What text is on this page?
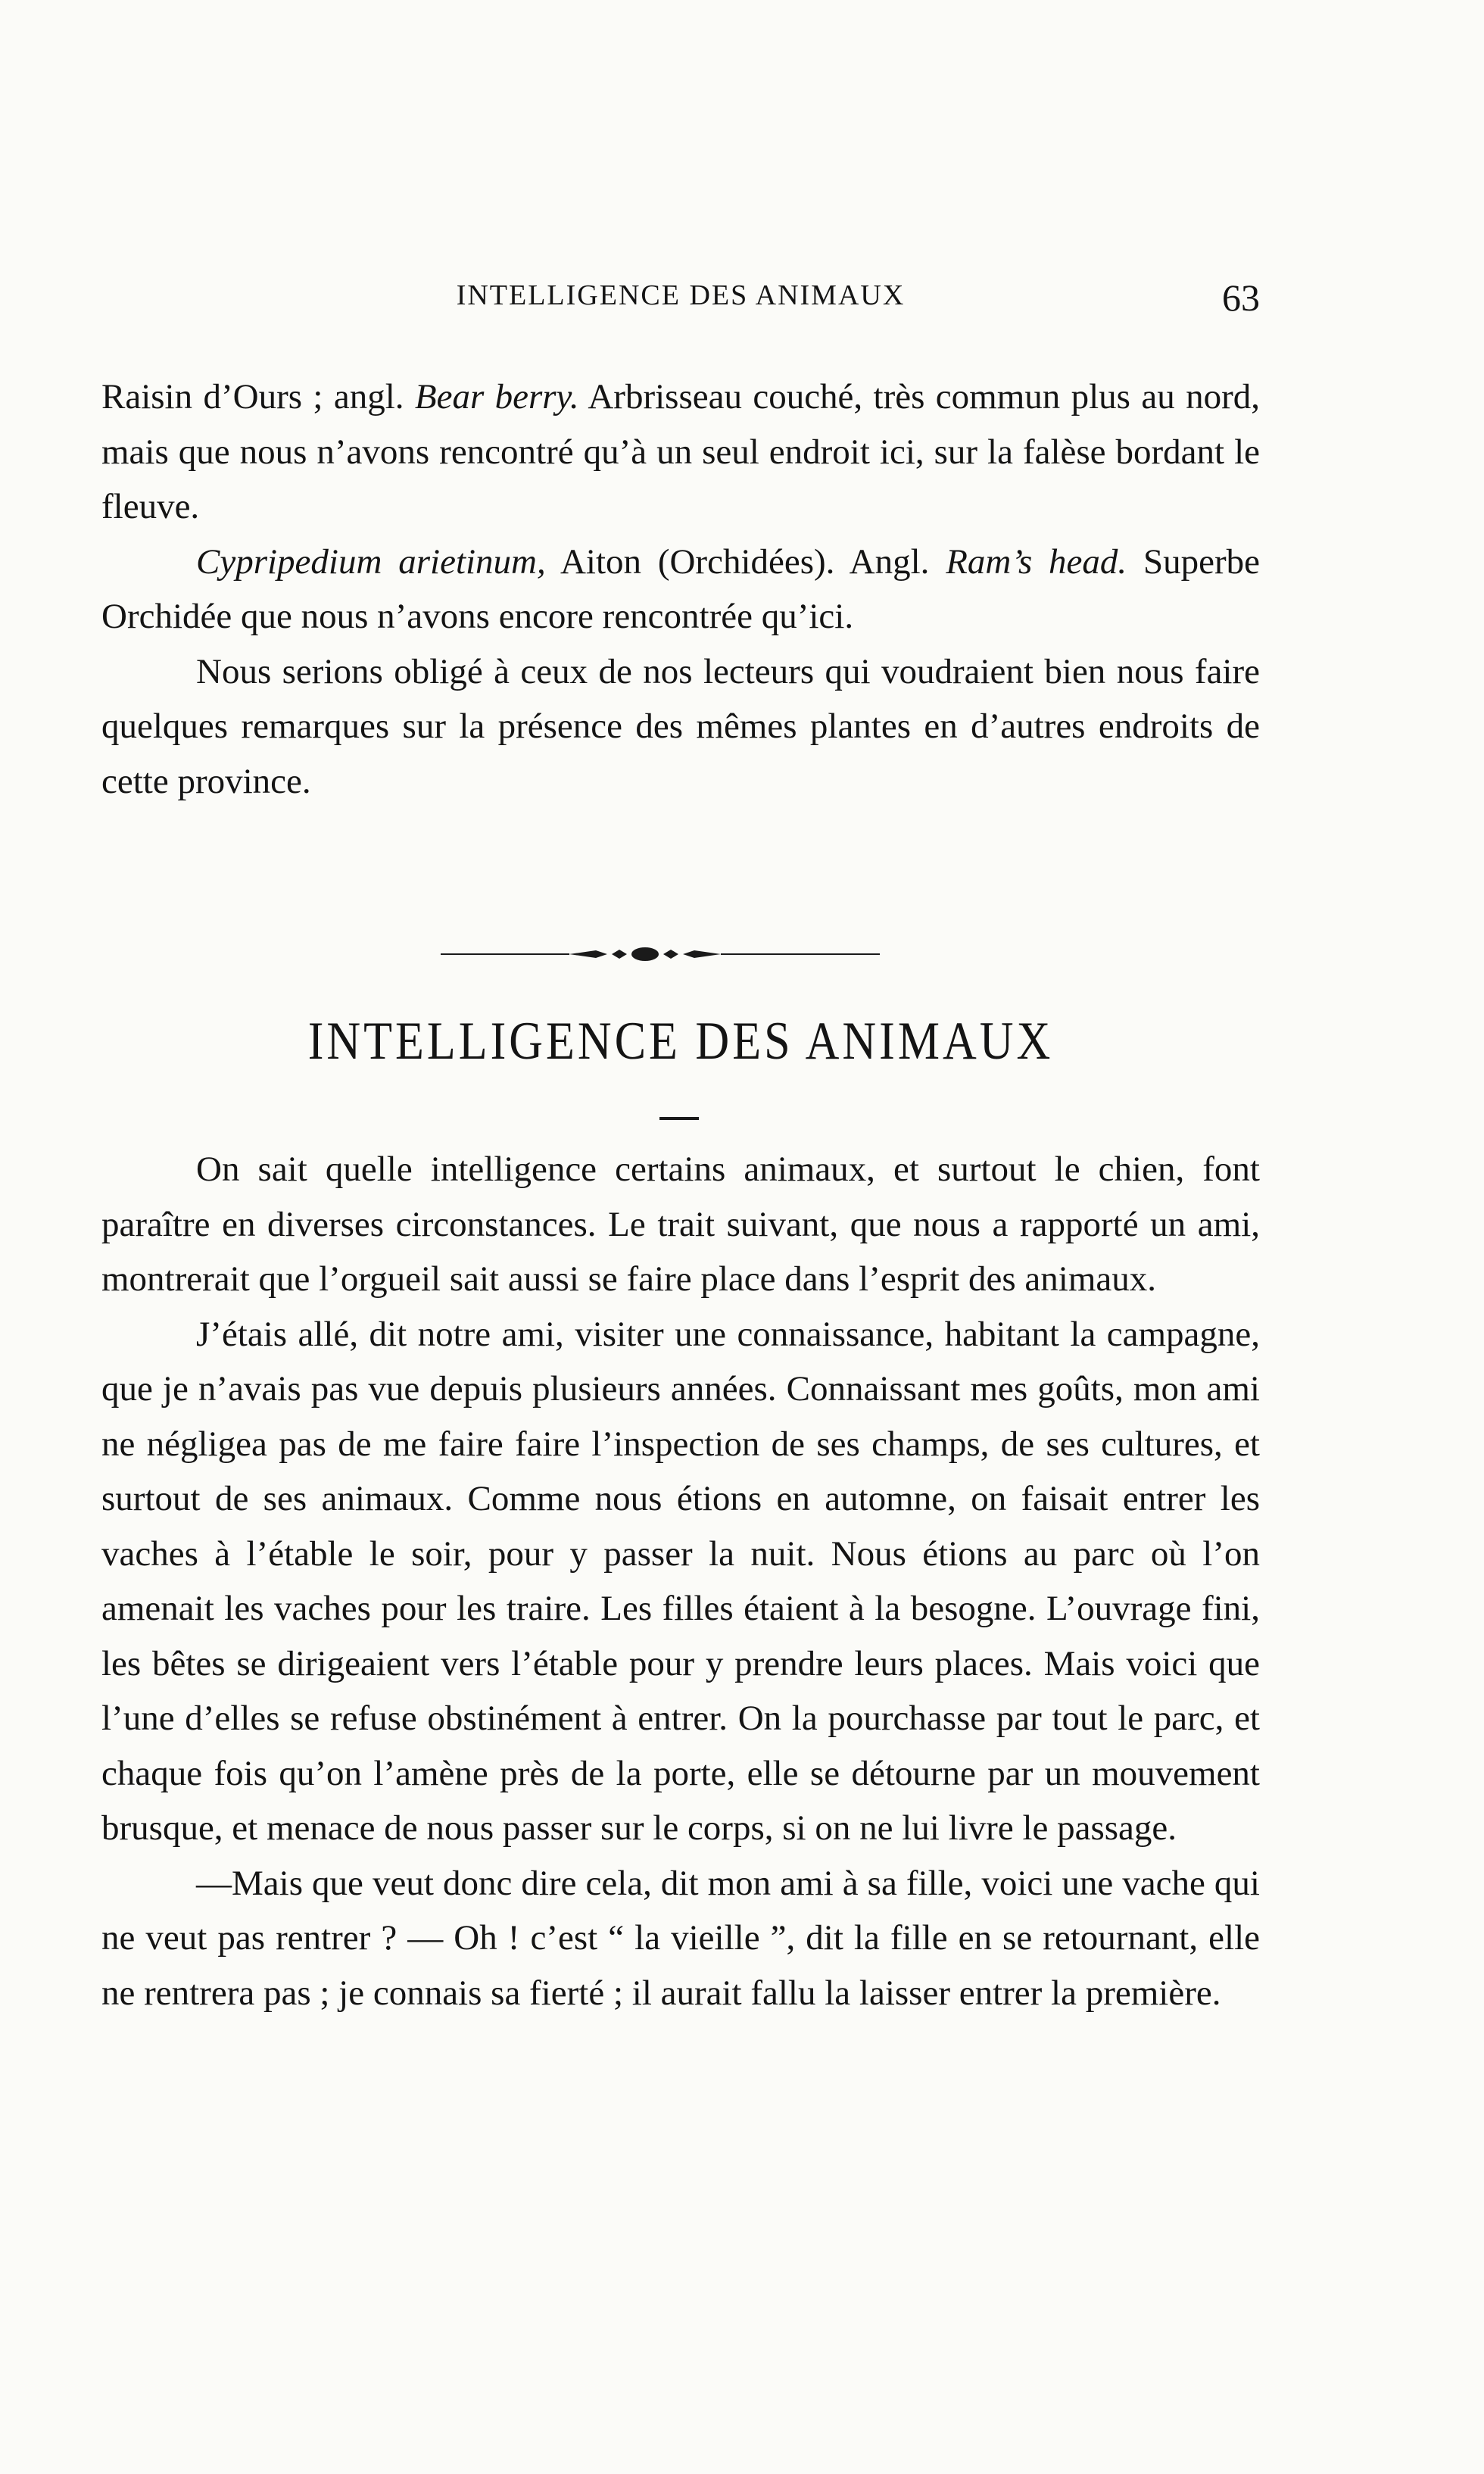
INTELLIGENCE DES ANIMAUX	63

Raisin d’Ours ; angl. Bear berry. Arbrisseau couché, très commun plus au nord, mais que nous n’avons rencontré qu’à un seul endroit ici, sur la falèse bordant le fleuve.

Cypripedium arietinum, Aiton (Orchidées). Angl. Ram’s head. Superbe Orchidée que nous n’avons encore rencontrée qu’ici.

Nous serions obligé à ceux de nos lecteurs qui voudraient bien nous faire quelques remarques sur la présence des mêmes plantes en d’autres endroits de cette province.

INTELLIGENCE DES ANIMAUX

On sait quelle intelligence certains animaux, et surtout le chien, font paraître en diverses circonstances. Le trait suivant, que nous a rapporté un ami, montrerait que l’orgueil sait aussi se faire place dans l’esprit des animaux.

J’étais allé, dit notre ami, visiter une connaissance, habitant la campagne, que je n’avais pas vue depuis plusieurs années. Connaissant mes goûts, mon ami ne négligea pas de me faire faire l’inspection de ses champs, de ses cultures, et surtout de ses animaux. Comme nous étions en automne, on faisait entrer les vaches à l’étable le soir, pour y passer la nuit. Nous étions au parc où l’on amenait les vaches pour les traire. Les filles étaient à la besogne. L’ouvrage fini, les bêtes se dirigeaient vers l’étable pour y prendre leurs places. Mais voici que l’une d’elles se refuse obstinément à entrer. On la pourchasse par tout le parc, et chaque fois qu’on l’amène près de la porte, elle se détourne par un mouvement brusque, et menace de nous passer sur le corps, si on ne lui livre le passage.

—Mais que veut donc dire cela, dit mon ami à sa fille, voici une vache qui ne veut pas rentrer ? — Oh ! c’est “ la vieille ”, dit la fille en se retournant, elle ne rentrera pas ; je connais sa fierté ; il aurait fallu la laisser entrer la première.
